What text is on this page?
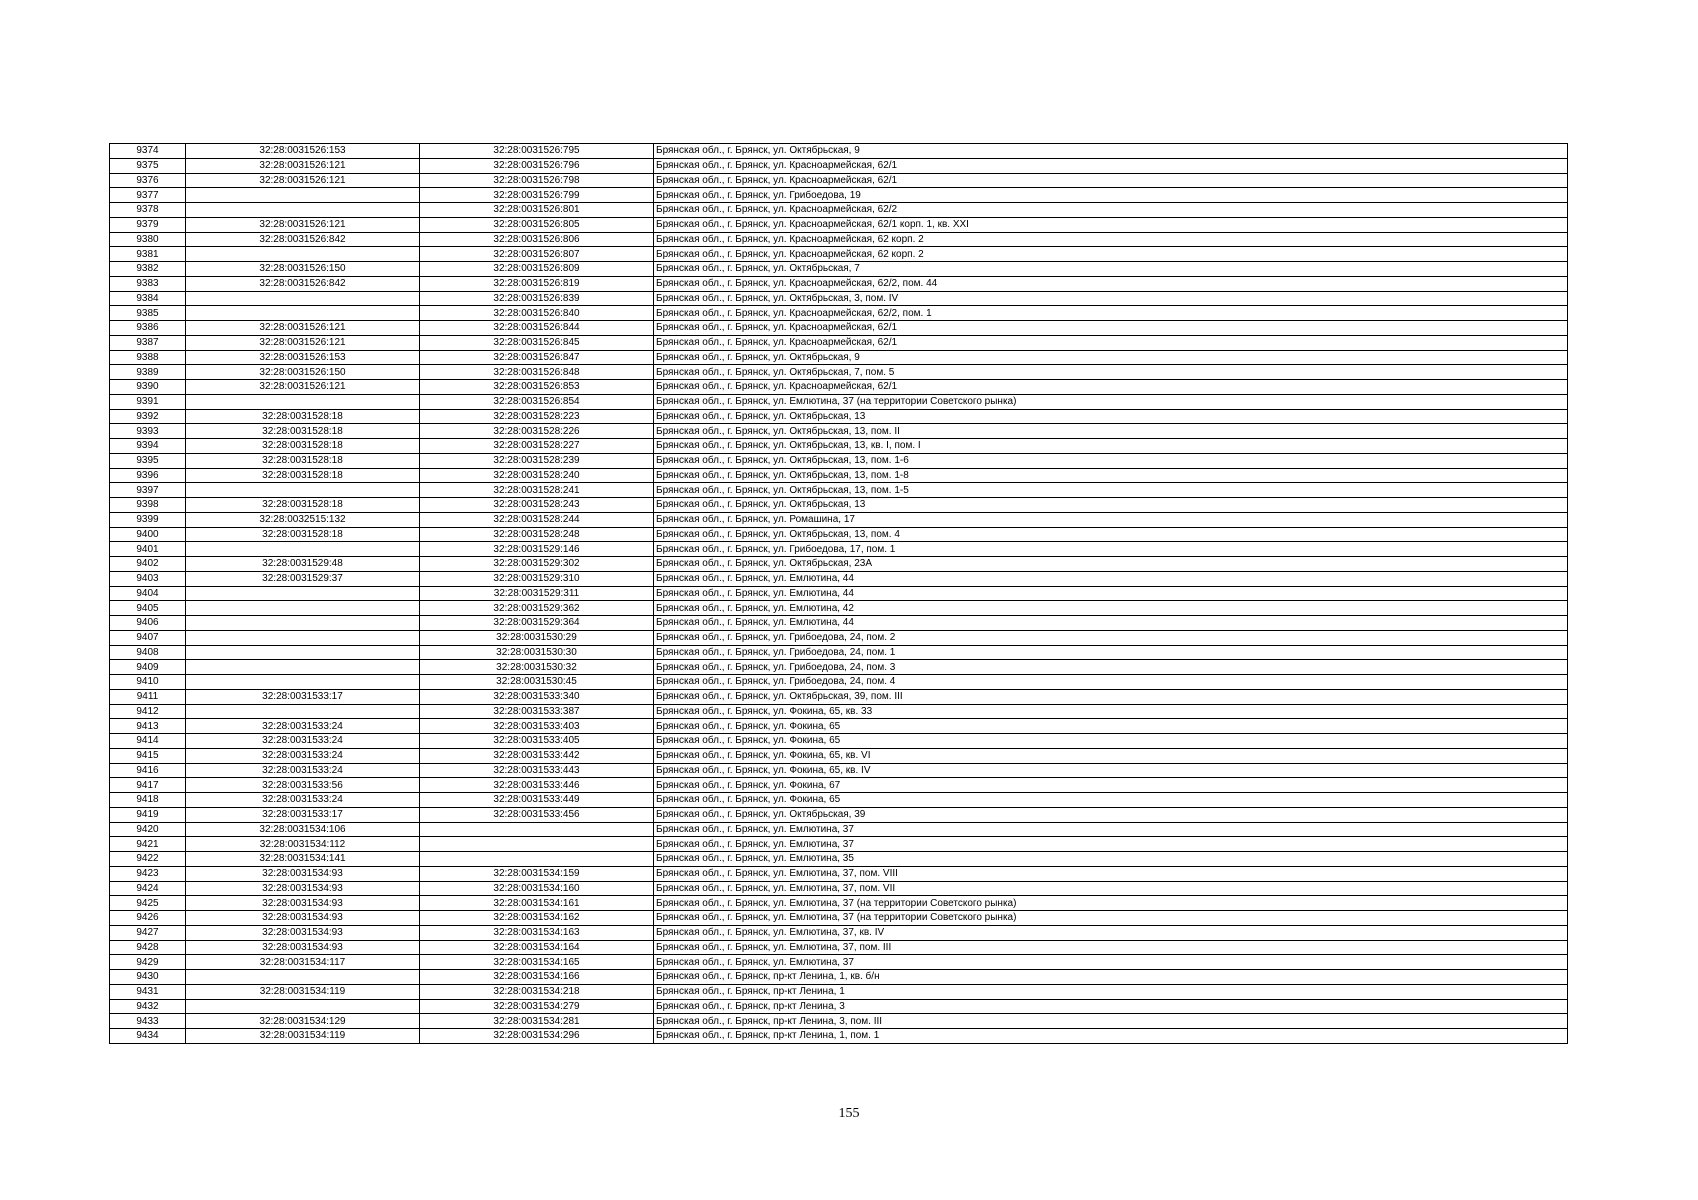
9374	32:28:0031526:153	32:28:0031526:795	Брянская обл., г. Брянск, ул. Октябрьская, 9
9375	32:28:0031526:121	32:28:0031526:796	Брянская обл., г. Брянск, ул. Красноармейская, 62/1
9376	32:28:0031526:121	32:28:0031526:798	Брянская обл., г. Брянск, ул. Красноармейская, 62/1
9377		32:28:0031526:799	Брянская обл., г. Брянск, ул. Грибоедова, 19
9378		32:28:0031526:801	Брянская обл., г. Брянск, ул. Красноармейская, 62/2
9379	32:28:0031526:121	32:28:0031526:805	Брянская обл., г. Брянск, ул. Красноармейская, 62/1 корп. 1, кв. XXI
9380	32:28:0031526:842	32:28:0031526:806	Брянская обл., г. Брянск, ул. Красноармейская, 62 корп. 2
9381		32:28:0031526:807	Брянская обл., г. Брянск, ул. Красноармейская, 62 корп. 2
9382	32:28:0031526:150	32:28:0031526:809	Брянская обл., г. Брянск, ул. Октябрьская, 7
9383	32:28:0031526:842	32:28:0031526:819	Брянская обл., г. Брянск, ул. Красноармейская, 62/2, пом. 44
9384		32:28:0031526:839	Брянская обл., г. Брянск, ул. Октябрьская, 3, пом. IV
9385		32:28:0031526:840	Брянская обл., г. Брянск, ул. Красноармейская, 62/2, пом. 1
9386	32:28:0031526:121	32:28:0031526:844	Брянская обл., г. Брянск, ул. Красноармейская, 62/1
9387	32:28:0031526:121	32:28:0031526:845	Брянская обл., г. Брянск, ул. Красноармейская, 62/1
9388	32:28:0031526:153	32:28:0031526:847	Брянская обл., г. Брянск, ул. Октябрьская, 9
9389	32:28:0031526:150	32:28:0031526:848	Брянская обл., г. Брянск, ул. Октябрьская, 7, пом. 5
9390	32:28:0031526:121	32:28:0031526:853	Брянская обл., г. Брянск, ул. Красноармейская, 62/1
9391		32:28:0031526:854	Брянская обл., г. Брянск, ул. Емлютина, 37 (на территории Советского рынка)
9392	32:28:0031528:18	32:28:0031528:223	Брянская обл., г. Брянск, ул. Октябрьская, 13
9393	32:28:0031528:18	32:28:0031528:226	Брянская обл., г. Брянск, ул. Октябрьская, 13, пом. II
9394	32:28:0031528:18	32:28:0031528:227	Брянская обл., г. Брянск, ул. Октябрьская, 13, кв. I, пом. I
9395	32:28:0031528:18	32:28:0031528:239	Брянская обл., г. Брянск, ул. Октябрьская, 13, пом. 1-6
9396	32:28:0031528:18	32:28:0031528:240	Брянская обл., г. Брянск, ул. Октябрьская, 13, пом. 1-8
9397		32:28:0031528:241	Брянская обл., г. Брянск, ул. Октябрьская, 13, пом. 1-5
9398	32:28:0031528:18	32:28:0031528:243	Брянская обл., г. Брянск, ул. Октябрьская, 13
9399	32:28:0032515:132	32:28:0031528:244	Брянская обл., г. Брянск, ул. Ромашина, 17
9400	32:28:0031528:18	32:28:0031528:248	Брянская обл., г. Брянск, ул. Октябрьская, 13, пом. 4
9401		32:28:0031529:146	Брянская обл., г. Брянск, ул. Грибоедова, 17, пом. 1
9402	32:28:0031529:48	32:28:0031529:302	Брянская обл., г. Брянск, ул. Октябрьская, 23А
9403	32:28:0031529:37	32:28:0031529:310	Брянская обл., г. Брянск, ул. Емлютина, 44
9404		32:28:0031529:311	Брянская обл., г. Брянск, ул. Емлютина, 44
9405		32:28:0031529:362	Брянская обл., г. Брянск, ул. Емлютина, 42
9406		32:28:0031529:364	Брянская обл., г. Брянск, ул. Емлютина, 44
9407		32:28:0031530:29	Брянская обл., г. Брянск, ул. Грибоедова, 24, пом. 2
9408		32:28:0031530:30	Брянская обл., г. Брянск, ул. Грибоедова, 24, пом. 1
9409		32:28:0031530:32	Брянская обл., г. Брянск, ул. Грибоедова, 24, пом. 3
9410		32:28:0031530:45	Брянская обл., г. Брянск, ул. Грибоедова, 24, пом. 4
9411	32:28:0031533:17	32:28:0031533:340	Брянская обл., г. Брянск, ул. Октябрьская, 39, пом. III
9412		32:28:0031533:387	Брянская обл., г. Брянск, ул. Фокина, 65, кв. 33
9413	32:28:0031533:24	32:28:0031533:403	Брянская обл., г. Брянск, ул. Фокина, 65
9414	32:28:0031533:24	32:28:0031533:405	Брянская обл., г. Брянск, ул. Фокина, 65
9415	32:28:0031533:24	32:28:0031533:442	Брянская обл., г. Брянск, ул. Фокина, 65, кв. VI
9416	32:28:0031533:24	32:28:0031533:443	Брянская обл., г. Брянск, ул. Фокина, 65, кв. IV
9417	32:28:0031533:56	32:28:0031533:446	Брянская обл., г. Брянск, ул. Фокина, 67
9418	32:28:0031533:24	32:28:0031533:449	Брянская обл., г. Брянск, ул. Фокина, 65
9419	32:28:0031533:17	32:28:0031533:456	Брянская обл., г. Брянск, ул. Октябрьская, 39
9420	32:28:0031534:106		Брянская обл., г. Брянск, ул. Емлютина, 37
9421	32:28:0031534:112		Брянская обл., г. Брянск, ул. Емлютина, 37
9422	32:28:0031534:141		Брянская обл., г. Брянск, ул. Емлютина, 35
9423	32:28:0031534:93	32:28:0031534:159	Брянская обл., г. Брянск, ул. Емлютина, 37, пом. VIII
9424	32:28:0031534:93	32:28:0031534:160	Брянская обл., г. Брянск, ул. Емлютина, 37, пом. VII
9425	32:28:0031534:93	32:28:0031534:161	Брянская обл., г. Брянск, ул. Емлютина, 37 (на территории Советского рынка)
9426	32:28:0031534:93	32:28:0031534:162	Брянская обл., г. Брянск, ул. Емлютина, 37 (на территории Советского рынка)
9427	32:28:0031534:93	32:28:0031534:163	Брянская обл., г. Брянск, ул. Емлютина, 37, кв. IV
9428	32:28:0031534:93	32:28:0031534:164	Брянская обл., г. Брянск, ул. Емлютина, 37, пом. III
9429	32:28:0031534:117	32:28:0031534:165	Брянская обл., г. Брянск, ул. Емлютина, 37
9430		32:28:0031534:166	Брянская обл., г. Брянск, пр-кт Ленина, 1, кв. б/н
9431	32:28:0031534:119	32:28:0031534:218	Брянская обл., г. Брянск, пр-кт Ленина, 1
9432		32:28:0031534:279	Брянская обл., г. Брянск, пр-кт Ленина, 3
9433	32:28:0031534:129	32:28:0031534:281	Брянская обл., г. Брянск, пр-кт Ленина, 3, пом. III
9434	32:28:0031534:119	32:28:0031534:296	Брянская обл., г. Брянск, пр-кт Ленина, 1, пом. 1
155
